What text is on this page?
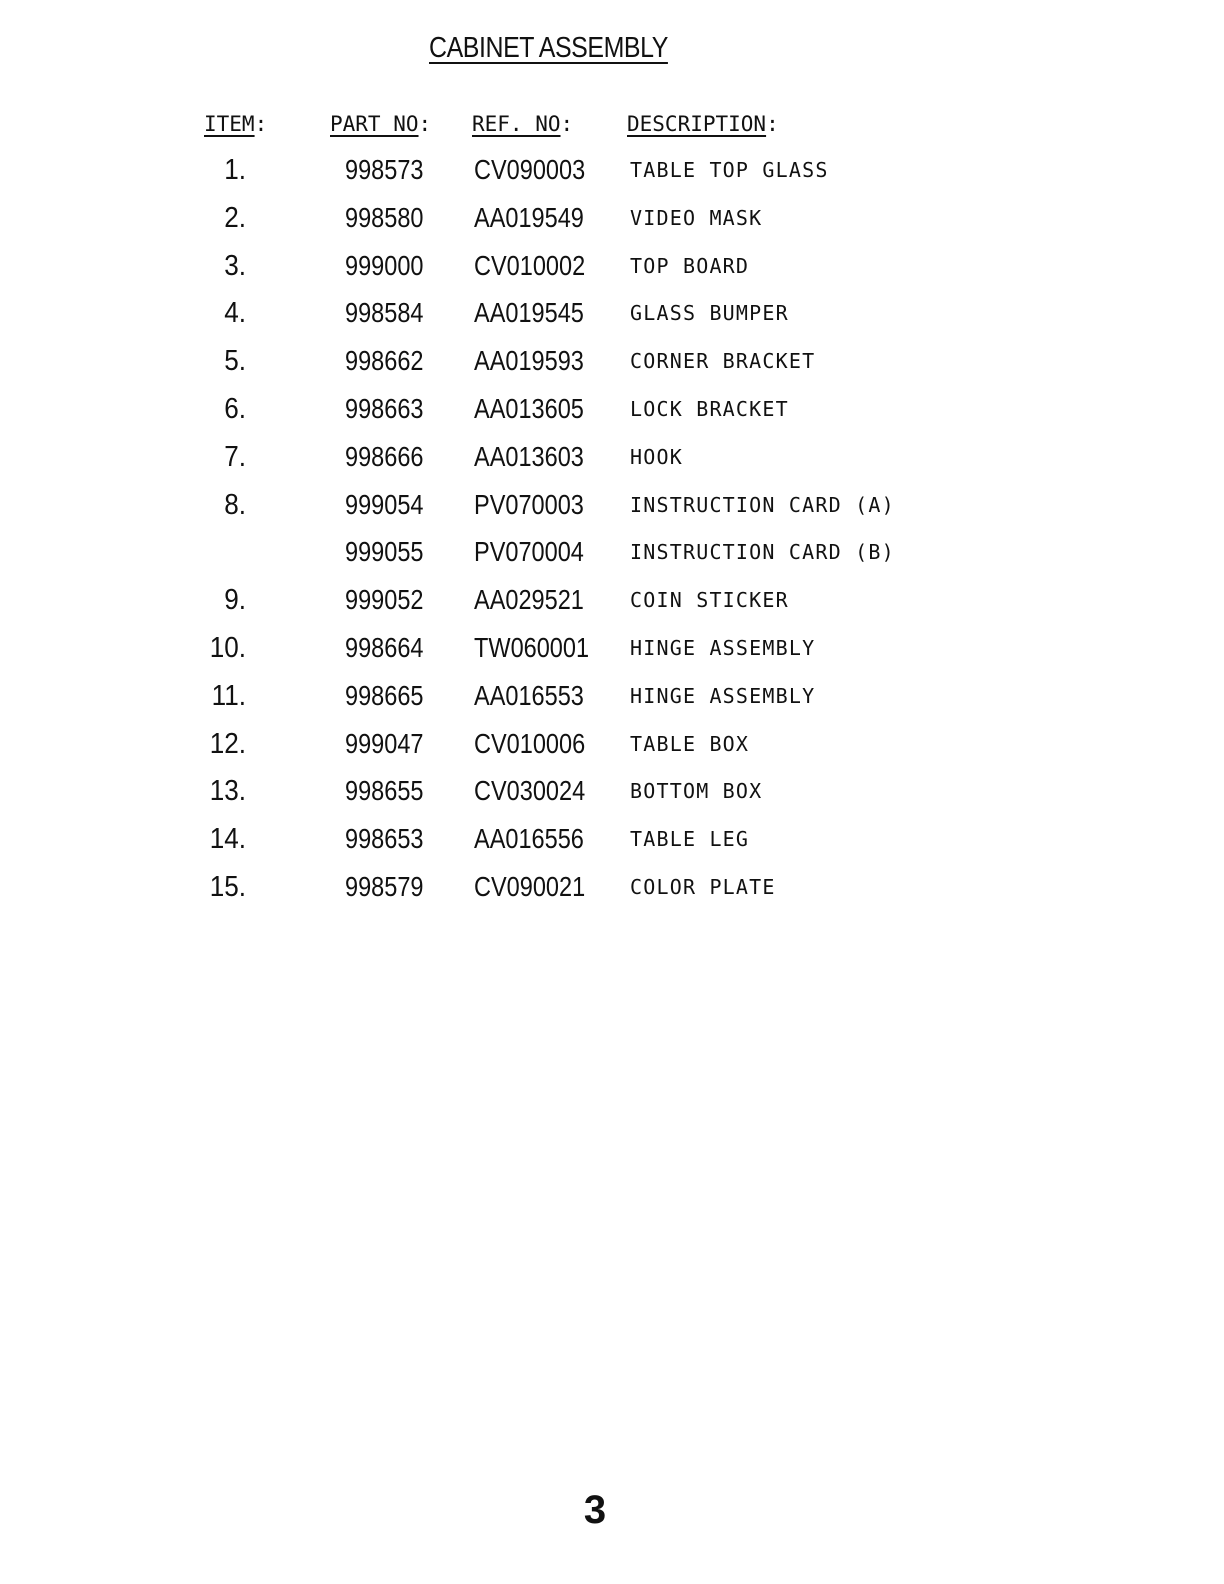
CABINET ASSEMBLY
ITEM:	PART NO: REF. NO:	DESCRIPTION:
1.	998573 CV090003 TABLE TOP GLASS
2.	998580 AA019549 VIDEO MASK
3.	999000 CV010002 TOP BOARD
4.	998584 AA019545 GLASS BUMPER
5.	998662 AA019593 CORNER BRACKET
6.	998663 AA013605 LOCK BRACKET
7.	998666 AA013603 HOOK
8.	999054 PV070003 INSTRUCTION CARD (A)
999055 PV070004 INSTRUCTION CARD (B)
9.	999052 AA029521 COIN STICKER
10.	998664 TW060001 HINGE ASSEMBLY
11.	998665 AA016553 HINGE ASSEMBLY
12.	999047 CV010006 TABLE BOX
13.	998655 CV030024 BOTTOM BOX
14.	998653 AA016556 TABLE LEG
15.	998579 CV090021 COLOR PLATE
3
